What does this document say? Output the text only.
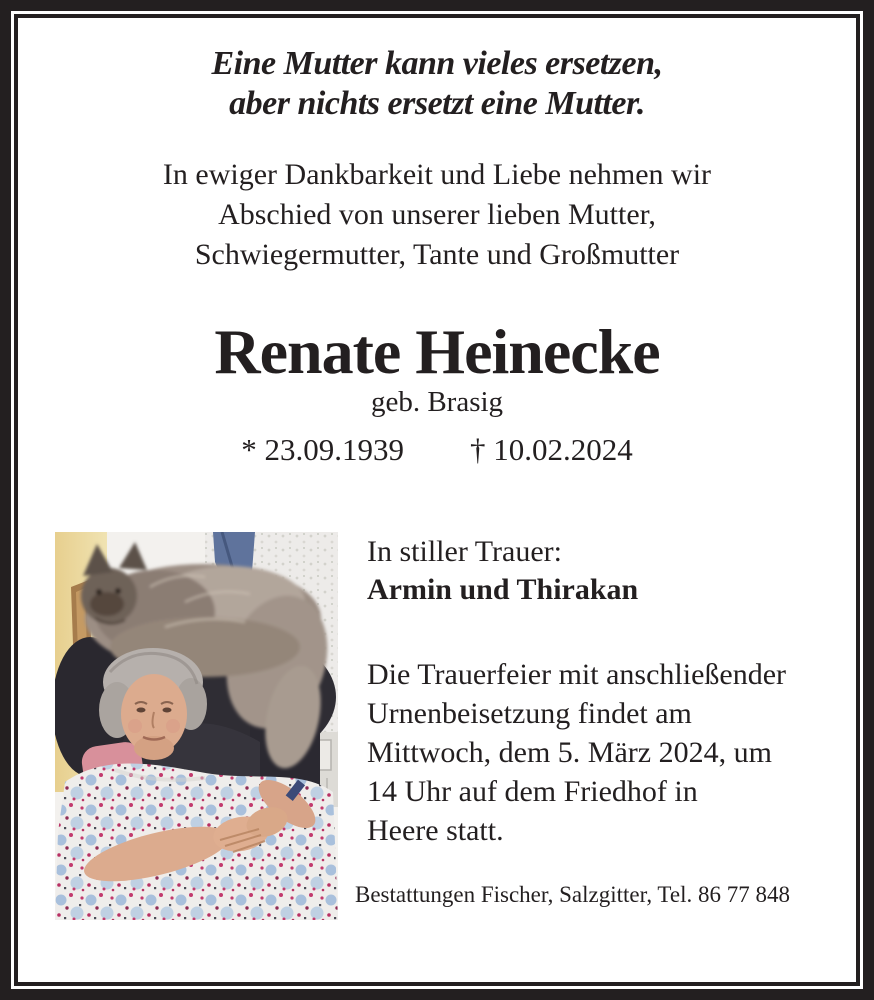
Eine Mutter kann vieles ersetzen,
aber nichts ersetzt eine Mutter.
In ewiger Dankbarkeit und Liebe nehmen wir
Abschied von unserer lieben Mutter,
Schwiegermutter, Tante und Großmutter
Renate Heinecke
geb. Brasig
* 23.09.1939 † 10.02.2024
In stiller Trauer:
Armin und Thirakan
Die Trauerfeier mit anschließender
Urnenbeisetzung findet am
Mittwoch, dem 5. März 2024, um
14 Uhr auf dem Friedhof in
Heere statt.
Bestattungen Fischer, Salzgitter, Tel. 86 77 848
